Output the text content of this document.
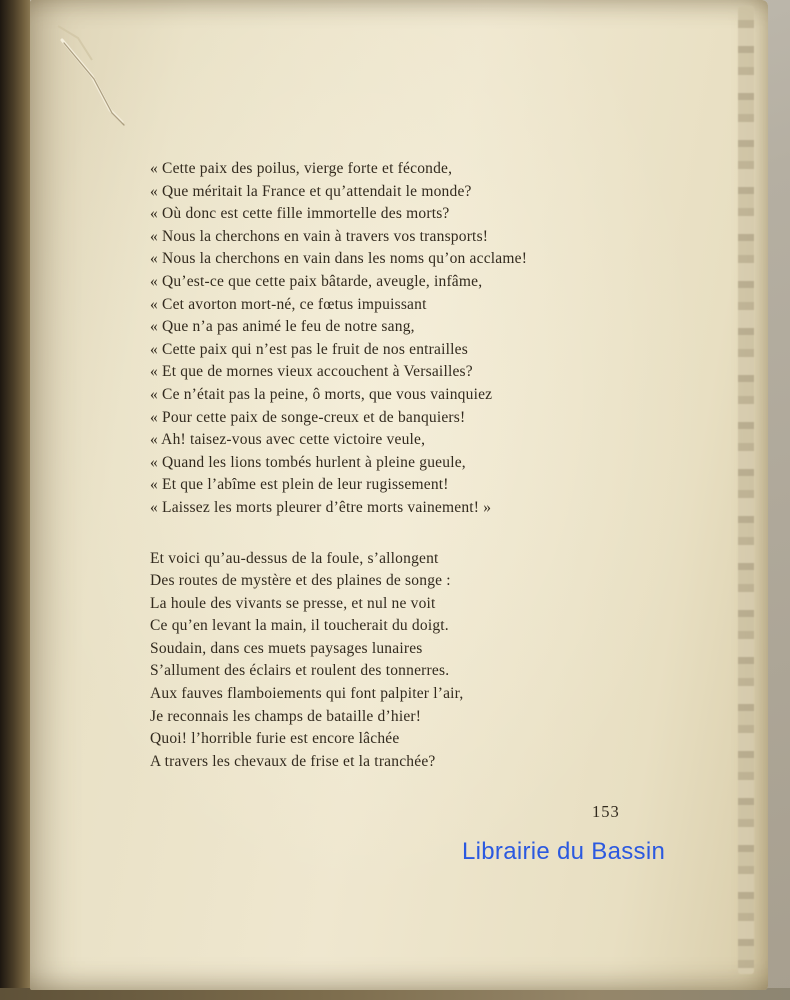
« Cette paix des poilus, vierge forte et féconde,
« Que méritait la France et qu’attendait le monde?
« Où donc est cette fille immortelle des morts?
« Nous la cherchons en vain à travers vos transports!
« Nous la cherchons en vain dans les noms qu’on acclame!
« Qu’est-ce que cette paix bâtarde, aveugle, infâme,
« Cet avorton mort-né, ce fœtus impuissant
« Que n’a pas animé le feu de notre sang,
« Cette paix qui n’est pas le fruit de nos entrailles
« Et que de mornes vieux accouchent à Versailles?
« Ce n’était pas la peine, ô morts, que vous vainquiez
« Pour cette paix de songe-creux et de banquiers!
« Ah! taisez-vous avec cette victoire veule,
« Quand les lions tombés hurlent à pleine gueule,
« Et que l’abîme est plein de leur rugissement!
« Laissez les morts pleurer d’être morts vainement! »
Et voici qu’au-dessus de la foule, s’allongent
Des routes de mystère et des plaines de songe :
La houle des vivants se presse, et nul ne voit
Ce qu’en levant la main, il toucherait du doigt.
Soudain, dans ces muets paysages lunaires
S’allument des éclairs et roulent des tonnerres.
Aux fauves flamboiements qui font palpiter l’air,
Je reconnais les champs de bataille d’hier!
Quoi! l’horrible furie est encore lâchée
A travers les chevaux de frise et la tranchée?
153
Librairie du Bassin
